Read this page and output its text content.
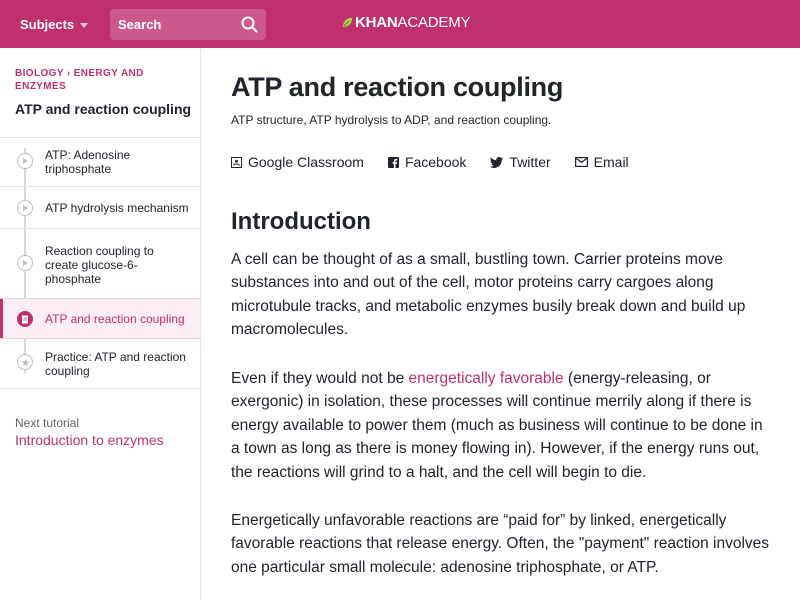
Subjects
Search	KHAN ACADEMY
BIOLOGY › ENERGY AND ENZYMES
ATP and reaction coupling
ATP: Adenosine triphosphate
ATP hydrolysis mechanism
Reaction coupling to create glucose-6-phosphate
ATP and reaction coupling
Practice: ATP and reaction coupling
Next tutorial
Introduction to enzymes
ATP and reaction coupling
ATP structure, ATP hydrolysis to ADP, and reaction coupling.
Google Classroom	Facebook	Twitter	Email
Introduction

A cell can be thought of as a small, bustling town. Carrier proteins move substances into and out of the cell, motor proteins carry cargoes along microtubule tracks, and metabolic enzymes busily break down and build up macromolecules.

Even if they would not be energetically favorable (energy-releasing, or exergonic) in isolation, these processes will continue merrily along if there is energy available to power them (much as business will continue to be done in a town as long as there is money flowing in). However, if the energy runs out, the reactions will grind to a halt, and the cell will begin to die.

Energetically unfavorable reactions are “paid for” by linked, energetically favorable reactions that release energy. Often, the "payment" reaction involves one particular small molecule: adenosine triphosphate, or ATP.
